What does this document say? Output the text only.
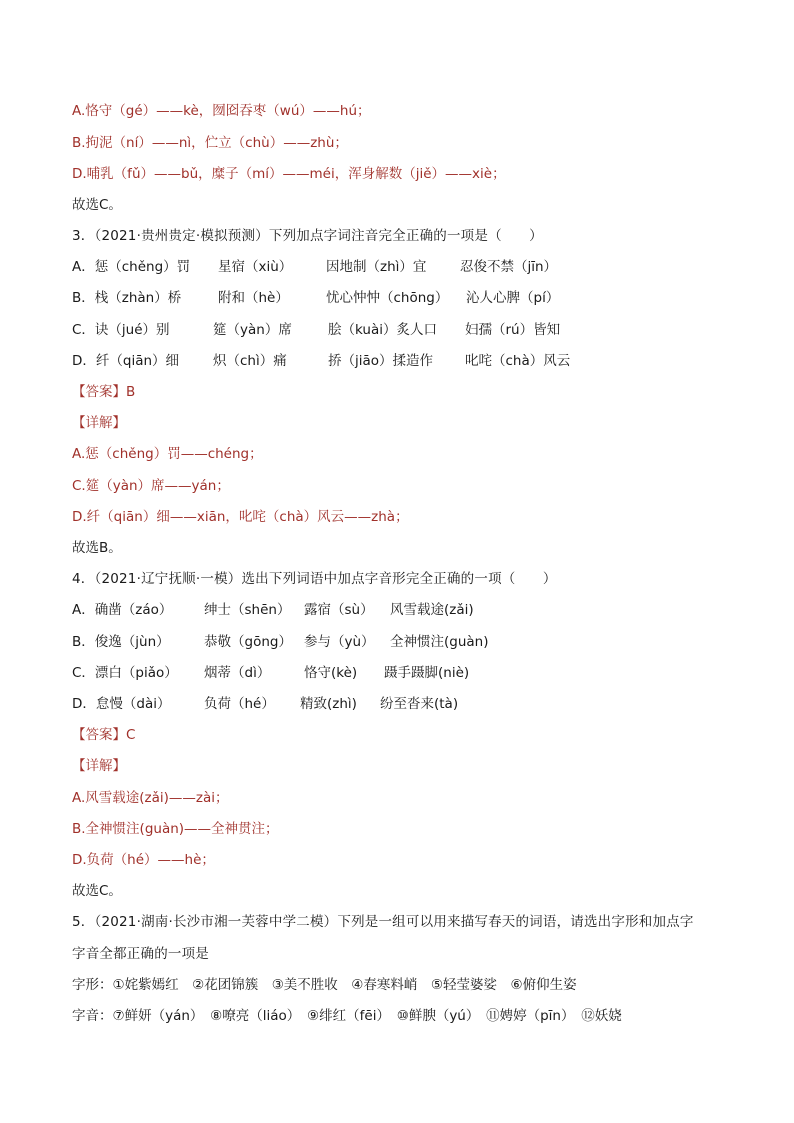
A.恪守（gé）——kè，囫囵吞枣（wú）——hú；
B.拘泥（ní）——nì，伫立（chù）——zhù；
D.哺乳（fǔ）——bǔ，糜子（mí）——méi，浑身解数（jiě）——xiè；
故选C。
3．（2021·贵州贵定·模拟预测）下列加点字词注音完全正确的一项是（　　）
A．惩（chěng）罚 星宿（xiù） 因地制（zhì）宜 忍俊不禁（jīn）
B．栈（zhàn）桥	附和（hè）	忧心忡忡（chōng） 沁人心脾（pí）
C．诀（jué）别	筵（yàn）席	脍（kuài）炙人口 妇孺（rú）皆知
D．纤（qiān）细	炽（chì）痛	挢（jiāo）揉造作 叱咤（chà）风云
【答案】B
【详解】
A.惩（chěng）罚——chéng；
C.筵（yàn）席——yán；
D.纤（qiān）细——xiān，叱咤（chà）风云——zhà；
故选B。
4．（2021·辽宁抚顺·一模）选出下列词语中加点字音形完全正确的一项（　　）
A．确凿（záo） 绅士（shēn） 露宿（sù） 风雪载途(zǎi)
B．俊逸（jùn）	恭敬（gōng） 参与（yù） 全神惯注(guàn)
C．漂白（piǎo） 烟蒂（dì） 恪守(kè) 蹑手蹑脚(niè)
D．怠慢（dài） 负荷（hé） 精致(zhì) 纷至沓来(tà)
【答案】C
【详解】
A.风雪载途(zǎi)——zài；
B.全神惯注(guàn)——全神贯注；
D.负荷（hé）——hè；
故选C。
5．（2021·湖南·长沙市湘一芙蓉中学二模）下列是一组可以用来描写春天的词语，请选出字形和加点字
字音全都正确的一项是
字形：①姹紫嫣红　②花团锦簇　③美不胜收　④春寒料峭　⑤轻莹婆娑　⑥俯仰生姿
字音：⑦鲜妍（yán）　⑧嘹亮（liáo）　⑨绯红（fēi）　⑩鲜腴（yú）　⑪娉婷（pīn）　⑫妖娆
